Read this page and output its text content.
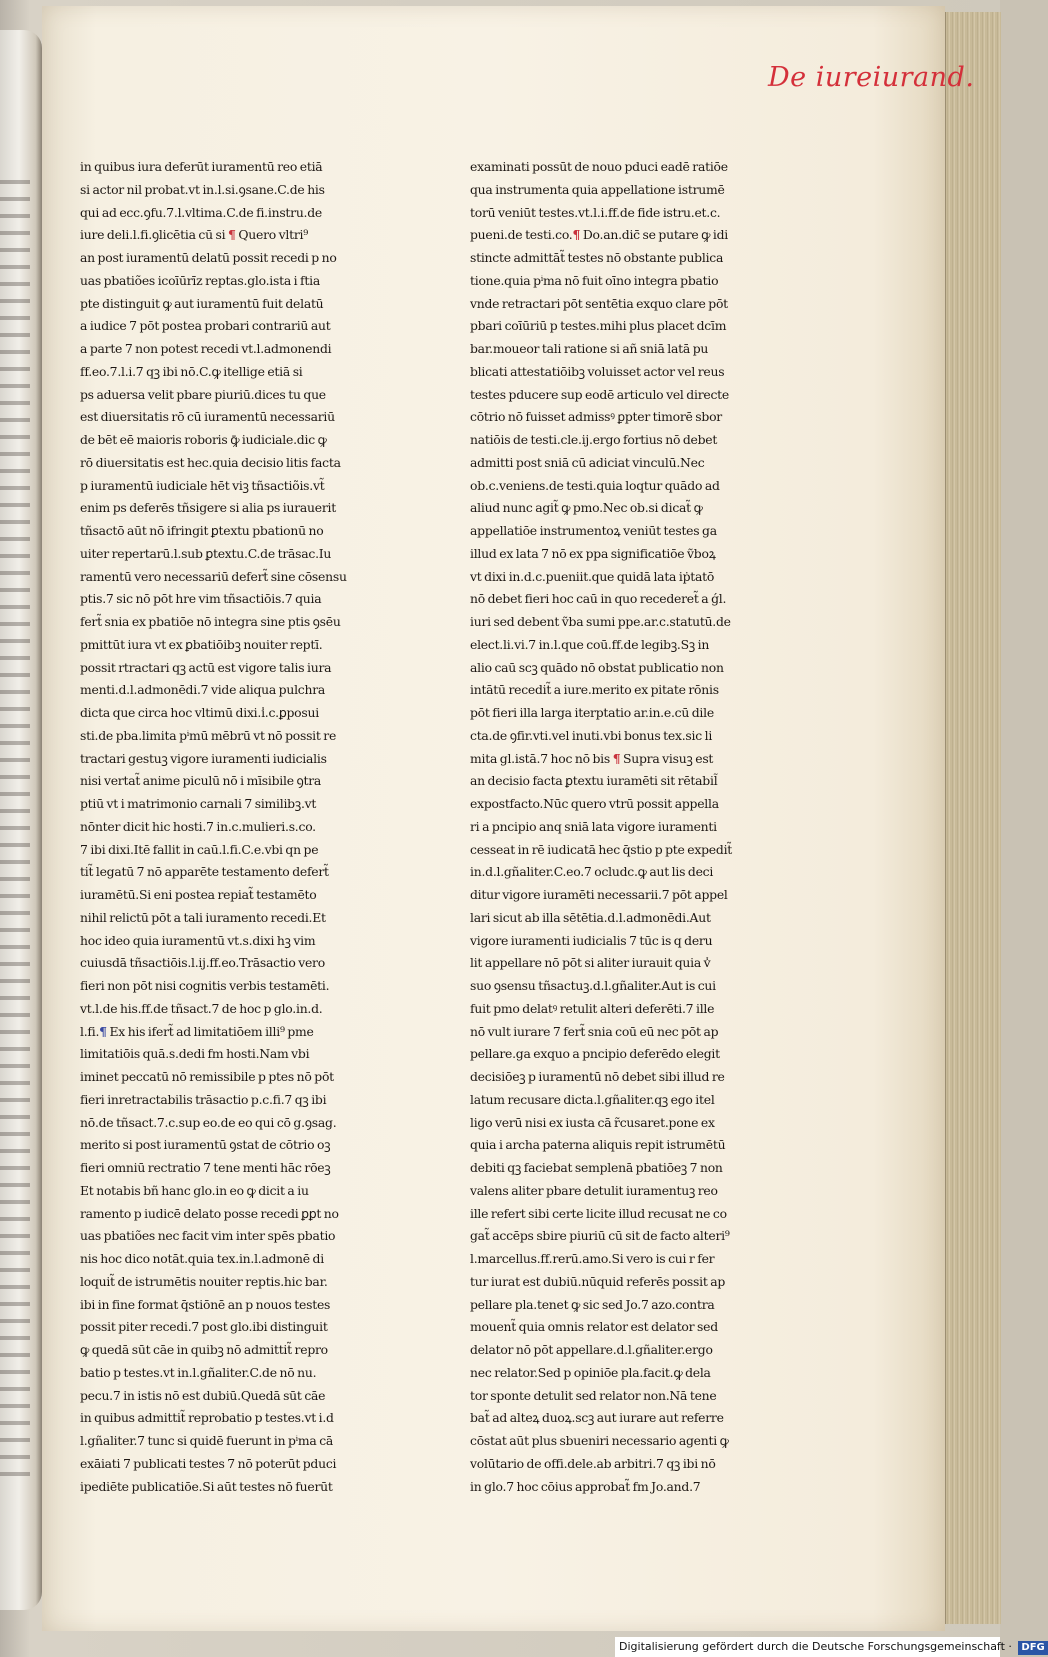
De iureiurand.
in quibus iura deferūt iuramentū reo etiā
si actor nil probat.vt in.l.si.ꝯsane.C.de his
qui ad ecc.ꝯfu.7.l.vltima.C.de fi.instru.de
iure deli.l.fi.ꝯlicētia cū si ¶ Quero vltri⁹
an post iuramentū delatū possit recedi p no
uas pbatiões icoīūrīz reptas.glo.ista i ftia
pte distinguit ꝙ aut iuramentū fuit delatū
a iudice 7 pōt postea probari contrariū aut
a parte 7 non potest recedi vt.l.admonendi
ff.eo.7.l.i.7 qꝫ ibi nō.C.ꝙ itellige etiā si
ps aduersa velit pbare piuriū.dices tu que
est diuersitatis rō cū iuramentū necessariū
de bēt eē maioris roboris ꝙ̄ iudiciale.dic ꝙ
rō diuersitatis est hec.quia decisio litis facta
p iuramentū iudiciale hēt viꝫ tñsactiõis.vt̃
enim ps deferēs tñsigere si alia ps iurauerit
tñsactō aūt nō ifringit ꝑtextu pbationū no
uiter repertarū.l.sub ꝑtextu.C.de trāsac.Iu
ramentū vero necessariū defert̃ sine cōsensu
ptis.7 sic nō pōt hre vim tñsactiōis.7 quia
fert̃ snia ex pbatiōe nō integra sine ptis ꝯsēu
pmittūt iura vt ex ꝑbatiōibꝫ nouiter reptī.
possit rtractari qꝫ actū est vigore talis iura
menti.d.l.admonēdi.7 vide aliqua pulchra
dicta que circa hoc vltimū dixi.i̾.c.ꝑposui
sti.de pba.limita pⁱmū mēbrū vt nō possit re
tractari gestuꝫ vigore iuramenti iudicialis
nisi vertat̃ anime piculū nō i mīsibile ꝯtra
ptiū vt i matrimonio carnali 7 similibꝫ.vt
nōnter dicit hic hosti.7 in.c.mulieri.s.co.
7 ibi dixi.Itē fallit in caū.l.fi.C.e.vbi qn pe
tit̃ legatū 7 nō apparēte testamento defert̃
iuramētū.Si eni postea repiat̃ testamēto
nihil relictū pōt a tali iuramento recedi.Et
hoc ideo quia iuramentū vt.s.dixi hꝫ vim
cuiusdā tñsactiōis.l.ij.ff.eo.Trāsactio vero
fieri non pōt nisi cognitis verbis testamēti.
vt.l.de his.ff.de tñsact.7 de hoc p glo.in.d.
l.fi.¶ Ex his ifert̃ ad limitatiōem illi⁹ pme
limitatiōis quā.s.dedi fm hosti.Nam vbi
iminet peccatū nō remissibile p ptes nō pōt
fieri inretractabilis trāsactio p.c.fi.7 qꝫ ibi
nō.de tñsact.7.c.sup eo.de eo qui cō g.ꝯsag.
merito si post iuramentū ꝯstat de cōtrio oꝫ
fieri omniū rectratio 7 tene menti hāc rōeꝫ
Et notabis bñ hanc glo.in eo ꝙ dicit a iu
ramento p iudicē delato posse recedi ꝑꝑt no
uas pbatiões nec facit vim inter spēs pbatio
nis hoc dico notāt.quia tex.in.l.admonē di
loquit̃ de istrumētis nouiter reptis.hic bar.
ibi in fine format q̄stiōnē an p nouos testes
possit piter recedi.7 post glo.ibi distinguit
ꝙ quedā sūt cāe in quibꝫ nō admittit̃ repro
batio p testes.vt in.l.gñaliter.C.de nō nu.
pecu.7 in istis nō est dubiū.Quedā sūt cāe
in quibus admittit̃ reprobatio p testes.vt i.d
l.gñaliter.7 tunc si quidē fuerunt in pⁱma cā
exāiati 7 publicati testes 7 nō poterūt pduci
ipediēte publicatiōe.Si aūt testes nō fuerūt
examinati possūt de nouo pduci eadē ratiōe
qua instrumenta quia appellatione istrumē
torū veniūt testes.vt.l.i.ff.de fide istru.et.c.
pueni.de testi.co.¶ Do.an.dic̄ se putare ꝙ idi
stincte admittāt̃ testes nō obstante publica
tione.quia pⁱma nō fuit oīno integra pbatio
vnde retractari pōt sentētia exquo clare pōt
pbari coīūriū p testes.mihi plus placet dcīm
bar.moueor tali ratione si añ sniā latā pu
blicati attestatiōibꝫ voluisset actor vel reus
testes pducere sup eodē articulo vel directe
cōtrio nō fuisset admissꝰ ꝑpter timorē sbor
natiōis de testi.cle.ij.ergo fortius nō debet
admitti post sniā cū adiciat vinculū.Nec
ob.c.veniens.de testi.quia loqtur quādo ad
aliud nunc agit̃ ꝙ pmo.Nec ob.si dicat̃ ꝙ
appellatiōe instrumentoꝝ veniūt testes ga
illud ex lata 7 nō ex ppa significatiōe ṽboꝝ
vt dixi in.d.c.pueniit.que quidā lata iṗtatō
nō debet fieri hoc caū in quo recederet̃ a ǵl.
iuri sed debent ṽba sumi ppe.ar.c.statutū.de
elect.li.vi.7 in.l.que coū.ff.de legibꝫ.Sꝫ in
alio caū scꝫ quādo nō obstat publicatio non
intātū recedit̃ a iure.merito ex pitate rōnis
pōt fieri illa larga iterptatio ar.in.e.cū dile
cta.de ꝯfir.vti.vel inuti.vbi bonus tex.sic li
mita gl.istā.7 hoc nō bis ¶ Supra visuꝫ est
an decisio facta ꝑtextu iuramēti sit rētabil̃
expostfacto.Nūc quero vtrū possit appella
ri a pncipio anq sniā lata vigore iuramenti
cesseat in rē iudicatā hec q̄stio p pte expedit̃
in.d.l.gñaliter.C.eo.7 ocludc.ꝙ aut lis deci
ditur vigore iuramēti necessarii.7 pōt appel
lari sicut ab illa sētētia.d.l.admonēdi.Aut
vigore iuramenti iudicialis 7 tūc is q deru
lit appellare nō pōt si aliter iurauit quia v̾
suo ꝯsensu tñsactuꝫ.d.l.gñaliter.Aut is cui
fuit pmo delatꝰ retulit alteri deferēti.7 ille
nō vult iurare 7 fert̃ snia coū eū nec pōt ap
pellare.ga exquo a pncipio deferēdo elegit
decisiōeꝫ p iuramentū nō debet sibi illud re
latum recusare dicta.l.gñaliter.qꝫ ego itel
ligo verū nisi ex iusta cā r̃cusaret.pone ex
quia i archa paterna aliquis repit istrumētū
debiti qꝫ faciebat semplenā pbatiōeꝫ 7 non
valens aliter pbare detulit iuramentuꝫ reo
ille refert sibi certe licite illud recusat ne co
gat̃ accēps sbire piuriū cū sit de facto alteri⁹
l.marcellus.ff.rerū.amo.Si vero is cui r fer
tur iurat est dubiū.nūquid referēs possit ap
pellare pla.tenet ꝙ sic sed Jo.7 azo.contra
mouent̃ quia omnis relator est delator sed
delator nō pōt appellare.d.l.gñaliter.ergo
nec relator.Sed p opiniōe pla.facit.ꝙ dela
tor sponte detulit sed relator non.Nā tene
bat̃ ad alteꝝ duoꝝ.scꝫ aut iurare aut referre
cōstat aūt plus sbueniri necessario agenti ꝙ
volūtario de offi.dele.ab arbitri.7 qꝫ ibi nō
in glo.7 hoc cōius approbat̃ fm Jo.and.7
Digitalisierung gefördert durch die Deutsche Forschungsgemeinschaft · DFG
